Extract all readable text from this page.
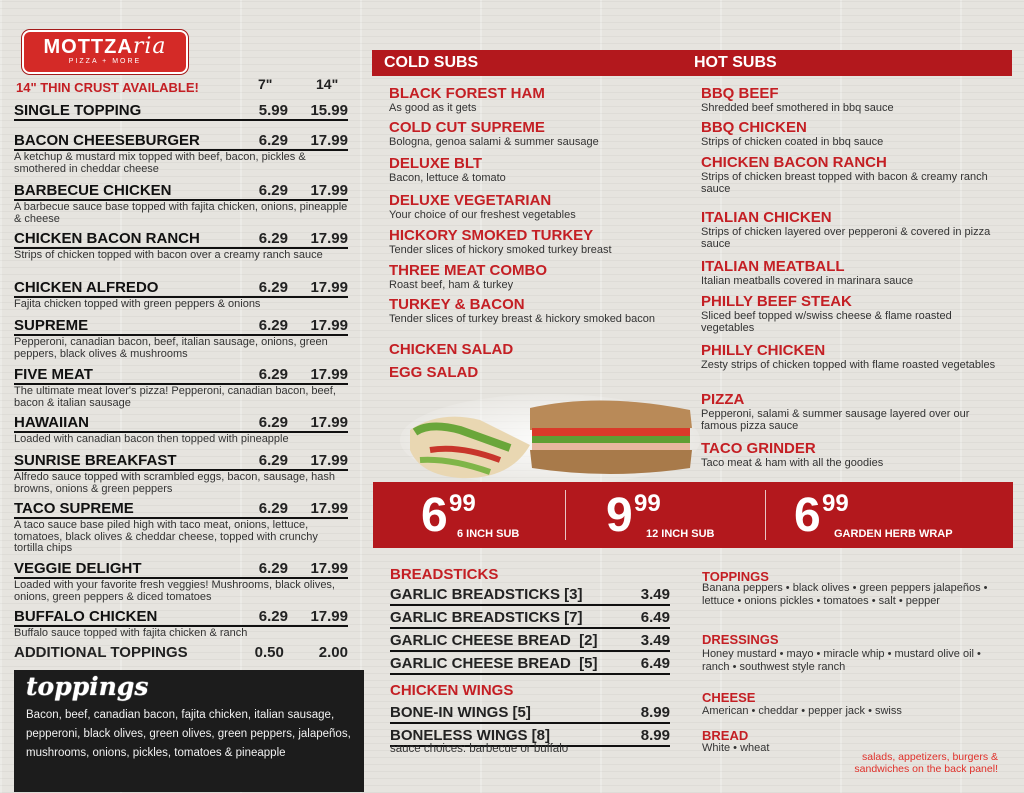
MOTTZAria
PIZZA + MORE
14" THIN CRUST AVAILABLE!	7"	14"
SINGLE TOPPING	5.99	15.99
BACON CHEESEBURGER	6.29	17.99
A ketchup & mustard mix topped with beef, bacon, pickles & smothered in cheddar cheese
BARBECUE CHICKEN	6.29	17.99
A barbecue sauce base topped with fajita chicken, onions, pineapple & cheese
CHICKEN BACON RANCH	6.29	17.99
Strips of chicken topped with bacon over a creamy ranch sauce
CHICKEN ALFREDO	6.29	17.99
Fajita chicken topped with green peppers & onions
SUPREME	6.29	17.99
Pepperoni, canadian bacon, beef, italian sausage, onions, green peppers, black olives & mushrooms
FIVE MEAT	6.29	17.99
The ultimate meat lover's pizza! Pepperoni, canadian bacon, beef, bacon & italian sausage
HAWAIIAN	6.29	17.99
Loaded with canadian bacon then topped with pineapple
SUNRISE BREAKFAST	6.29	17.99
Alfredo sauce topped with scrambled eggs, bacon, sausage, hash browns, onions & green peppers
TACO SUPREME	6.29	17.99
A taco sauce base piled high with taco meat, onions, lettuce, tomatoes, black olives & cheddar cheese, topped with crunchy tortilla chips
VEGGIE DELIGHT	6.29	17.99
Loaded with your favorite fresh veggies! Mushrooms, black olives, onions, green peppers & diced tomatoes
BUFFALO CHICKEN	6.29	17.99
Buffalo sauce topped with fajita chicken & ranch
ADDITIONAL TOPPINGS	0.50 2.00
toppings
Bacon, beef, canadian bacon, fajita chicken, italian sausage, pepperoni, black olives, green olives, green peppers, jalapeños, mushrooms, onions, pickles, tomatoes & pineapple
COLD SUBS	HOT SUBS
BLACK FOREST HAM
As good as it gets
COLD CUT SUPREME
Bologna, genoa salami & summer sausage
DELUXE BLT
Bacon, lettuce & tomato
DELUXE VEGETARIAN
Your choice of our freshest vegetables
HICKORY SMOKED TURKEY
Tender slices of hickory smoked turkey breast
THREE MEAT COMBO
Roast beef, ham & turkey
TURKEY & BACON
Tender slices of turkey breast & hickory smoked bacon
CHICKEN SALAD
EGG SALAD
BBQ BEEF
Shredded beef smothered in bbq sauce
BBQ CHICKEN
Strips of chicken coated in bbq sauce
CHICKEN BACON RANCH
Strips of chicken breast topped with bacon & creamy ranch sauce
ITALIAN CHICKEN
Strips of chicken layered over pepperoni & covered in pizza sauce
ITALIAN MEATBALL
Italian meatballs covered in marinara sauce
PHILLY BEEF STEAK
Sliced beef topped w/swiss cheese & flame roasted vegetables
PHILLY CHICKEN
Zesty strips of chicken topped with flame roasted vegetables
PIZZA
Pepperoni, salami & summer sausage layered over our famous pizza sauce
TACO GRINDER
Taco meat & ham with all the goodies
6 99
6 INCH SUB 9 99
12 INCH SUB 6 99
GARDEN HERB WRAP
BREADSTICKS
GARLIC BREADSTICKS [3]	3.49
GARLIC BREADSTICKS [7]	6.49
GARLIC CHEESE BREAD  [2]	3.49
GARLIC CHEESE BREAD  [5]	6.49
CHICKEN WINGS
BONE-IN WINGS [5]	8.99
BONELESS WINGS [8]	8.99
sauce choices: barbecue or buffalo
TOPPINGS
Banana peppers • black olives • green peppers jalapeños • lettuce • onions pickles • tomatoes • salt • pepper
DRESSINGS
Honey mustard • mayo • miracle whip • mustard olive oil • ranch • southwest style ranch
CHEESE
American • cheddar • pepper jack • swiss
BREAD
White • wheat
salads, appetizers, burgers & sandwiches on the back panel!
